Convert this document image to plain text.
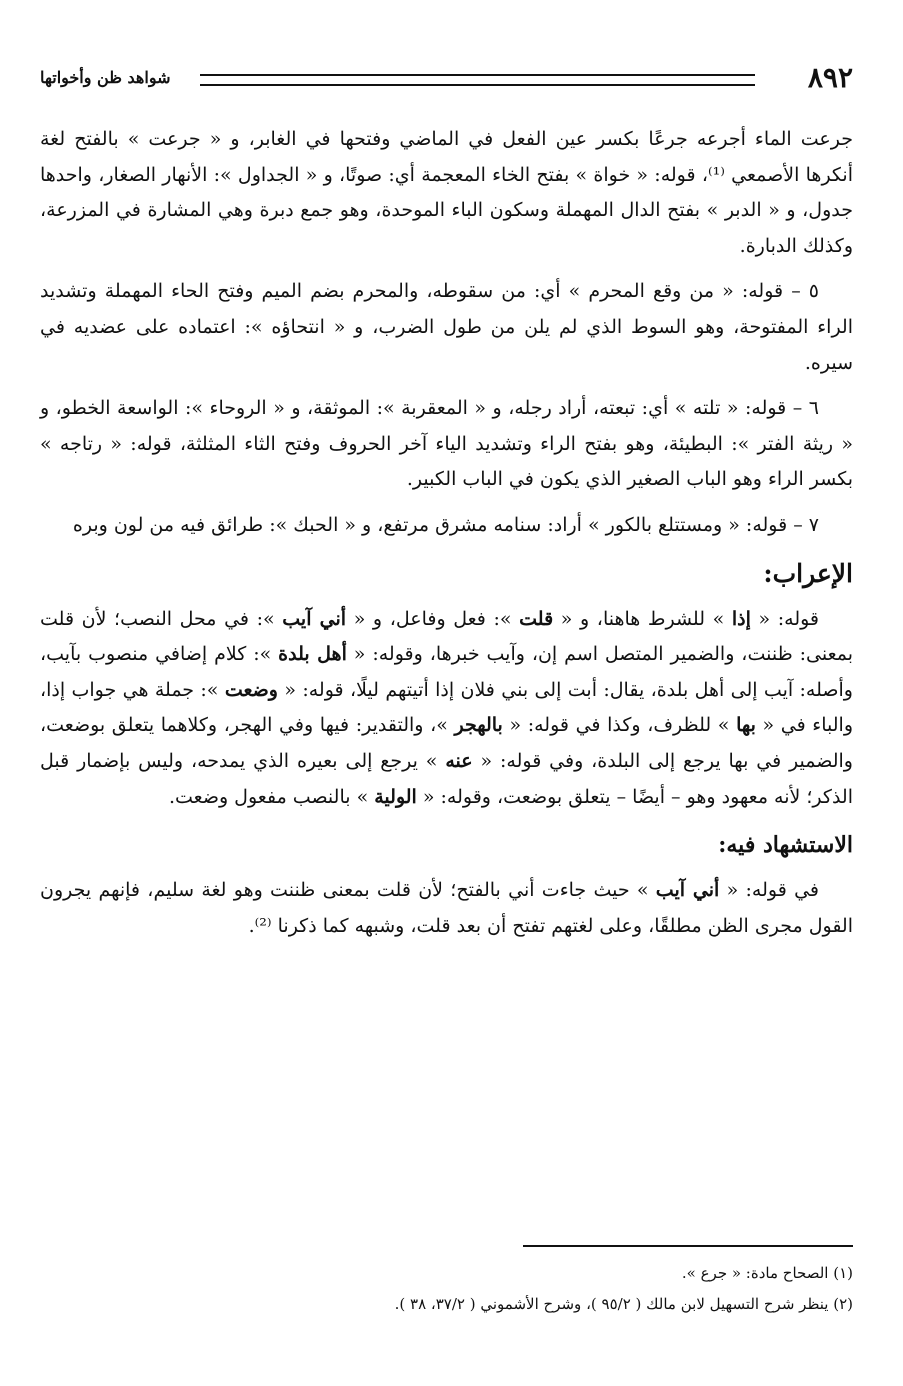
٨٩٢
شواهد ظن وأخواتها

جرعت الماء أجرعه جرعًا بكسر عين الفعل في الماضي وفتحها في الغابر، و « جرعت » بالفتح لغة أنكرها الأصمعي ⁽¹⁾، قوله: « خواة » بفتح الخاء المعجمة أي: صوتًا، و « الجداول »: الأنهار الصغار، واحدها جدول، و « الدبر » بفتح الدال المهملة وسكون الباء الموحدة، وهو جمع دبرة وهي المشارة في المزرعة، وكذلك الدبارة.

٥ – قوله: « من وقع المحرم » أي: من سقوطه، والمحرم بضم الميم وفتح الحاء المهملة وتشديد الراء المفتوحة، وهو السوط الذي لم يلن من طول الضرب، و « انتحاؤه »: اعتماده على عضديه في سيره.

٦ – قوله: « تلته » أي: تبعته، أراد رجله، و « المعقربة »: الموثقة، و « الروحاء »: الواسعة الخطو، و « ريثة الفتر »: البطيئة، وهو بفتح الراء وتشديد الياء آخر الحروف وفتح الثاء المثلثة، قوله: « رتاجه » بكسر الراء وهو الباب الصغير الذي يكون في الباب الكبير.

٧ – قوله: « ومستتلع بالكور » أراد: سنامه مشرق مرتفع، و « الحبك »: طرائق فيه من لون وبره

الإعراب:

قوله: « إذا » للشرط هاهنا، و « قلت »: فعل وفاعل، و « أني آيب »: في محل النصب؛ لأن قلت بمعنى: ظننت، والضمير المتصل اسم إن، وآيب خبرها، وقوله: « أهل بلدة »: كلام إضافي منصوب بآيب، وأصله: آيب إلى أهل بلدة، يقال: أبت إلى بني فلان إذا أتيتهم ليلًا، قوله: « وضعت »: جملة هي جواب إذا، والباء في « بها » للظرف، وكذا في قوله: « بالهجر »، والتقدير: فيها وفي الهجر، وكلاهما يتعلق بوضعت، والضمير في بها يرجع إلى البلدة، وفي قوله: « عنه » يرجع إلى بعيره الذي يمدحه، وليس بإضمار قبل الذكر؛ لأنه معهود وهو – أيضًا – يتعلق بوضعت، وقوله: « الولية » بالنصب مفعول وضعت.

الاستشهاد فيه:

في قوله: « أني آيب » حيث جاءت أني بالفتح؛ لأن قلت بمعنى ظننت وهو لغة سليم، فإنهم يجرون القول مجرى الظن مطلقًا، وعلى لغتهم تفتح أن بعد قلت، وشبهه كما ذكرنا ⁽²⁾.

(١) الصحاح مادة: « جرع ».
(٢) ينظر شرح التسهيل لابن مالك ( ٩٥/٢ )، وشرح الأشموني ( ٣٧/٢، ٣٨ ).
